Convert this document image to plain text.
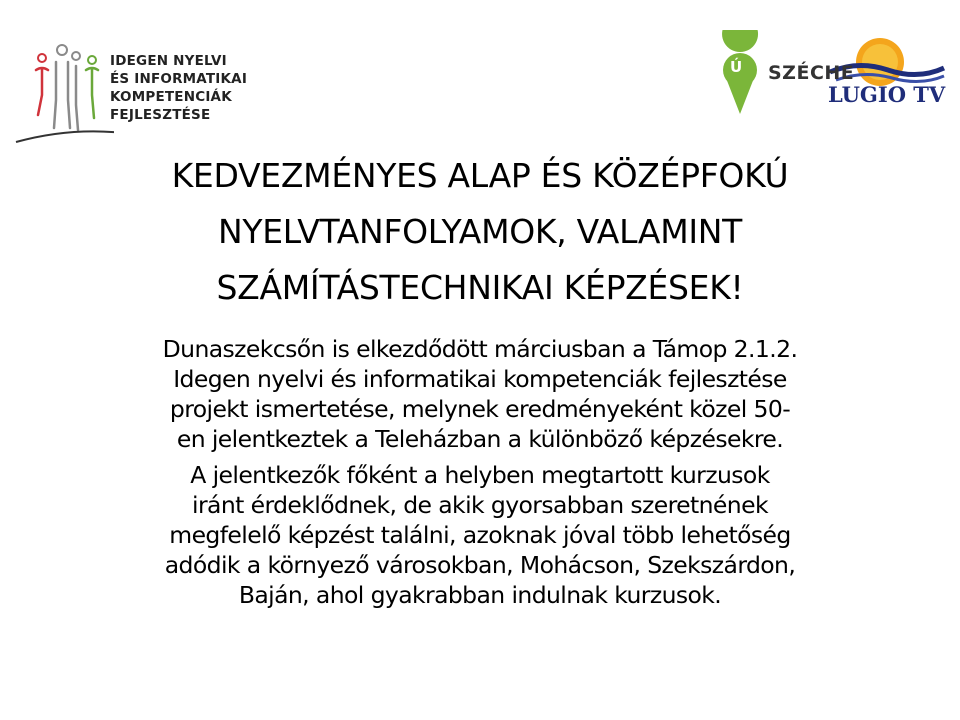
IDEGEN NYELVI
ÉS INFORMATIKAI
KOMPETENCIÁK
FEJLESZTÉSE
Ú SZÉCHE
LUGIO TV
KEDVEZMÉNYES ALAP ÉS KÖZÉPFOKÚ
NYELVTANFOLYAMOK, VALAMINT
SZÁMÍTÁSTECHNIKAI KÉPZÉSEK!
Dunaszekcsőn is elkezdődött márciusban a Támop 2.1.2.
Idegen nyelvi és informatikai kompetenciák fejlesztése
projekt ismertetése, melynek eredményeként közel 50-
en jelentkeztek a Teleházban a különböző képzésekre.
A jelentkezők főként a helyben megtartott kurzusok
iránt érdeklődnek, de akik gyorsabban szeretnének
megfelelő képzést találni, azoknak jóval több lehetőség
adódik a környező városokban, Mohácson, Szekszárdon,
Baján, ahol gyakrabban indulnak kurzusok.
